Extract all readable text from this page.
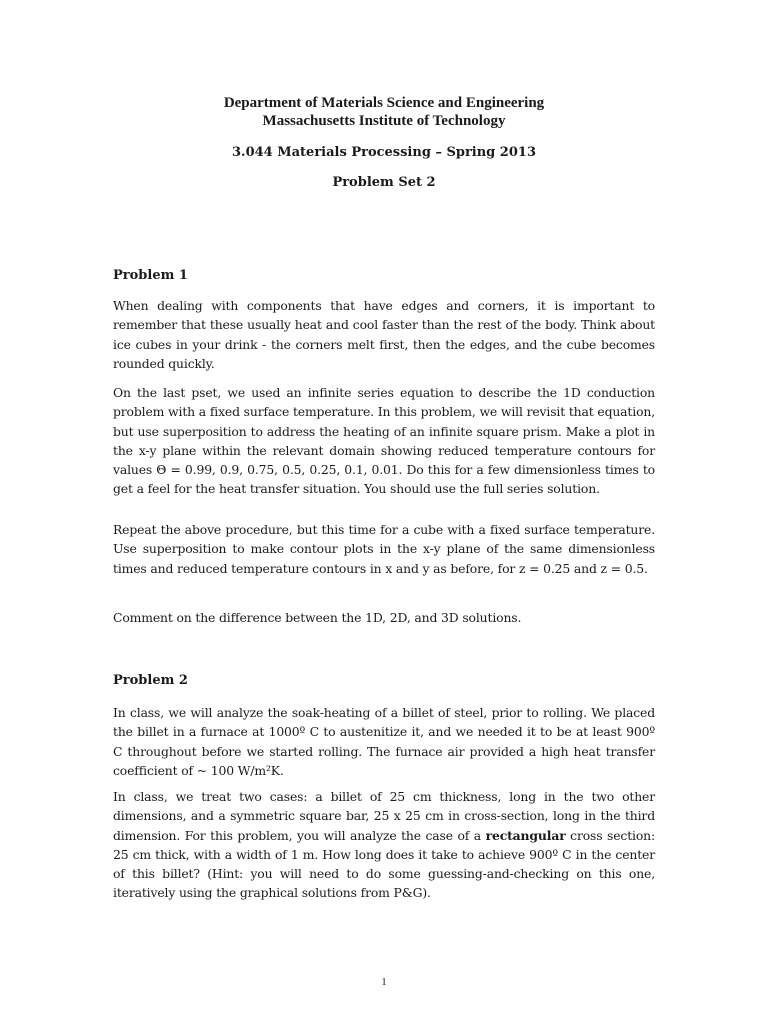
Department of Materials Science and Engineering
Massachusetts Institute of Technology
3.044 Materials Processing – Spring 2013
Problem Set 2
Problem 1
When dealing with components that have edges and corners, it is important to remember that these usually heat and cool faster than the rest of the body. Think about ice cubes in your drink - the corners melt first, then the edges, and the cube becomes rounded quickly.
On the last pset, we used an infinite series equation to describe the 1D conduction problem with a fixed surface temperature. In this problem, we will revisit that equation, but use superposition to address the heating of an infinite square prism. Make a plot in the x-y plane within the relevant domain showing reduced temperature contours for values Θ = 0.99, 0.9, 0.75, 0.5, 0.25, 0.1, 0.01. Do this for a few dimensionless times to get a feel for the heat transfer situation. You should use the full series solution.
Repeat the above procedure, but this time for a cube with a fixed surface temperature. Use superposition to make contour plots in the x-y plane of the same dimensionless times and reduced temperature contours in x and y as before, for z = 0.25 and z = 0.5.
Comment on the difference between the 1D, 2D, and 3D solutions.
Problem 2
In class, we will analyze the soak-heating of a billet of steel, prior to rolling. We placed the billet in a furnace at 1000º C to austenitize it, and we needed it to be at least 900º C throughout before we started rolling. The furnace air provided a high heat transfer coefficient of ~ 100 W/m²K.
In class, we treat two cases: a billet of 25 cm thickness, long in the two other dimensions, and a symmetric square bar, 25 x 25 cm in cross-section, long in the third dimension. For this problem, you will analyze the case of a rectangular cross section: 25 cm thick, with a width of 1 m. How long does it take to achieve 900º C in the center of this billet? (Hint: you will need to do some guessing-and-checking on this one, iteratively using the graphical solutions from P&G).
1
